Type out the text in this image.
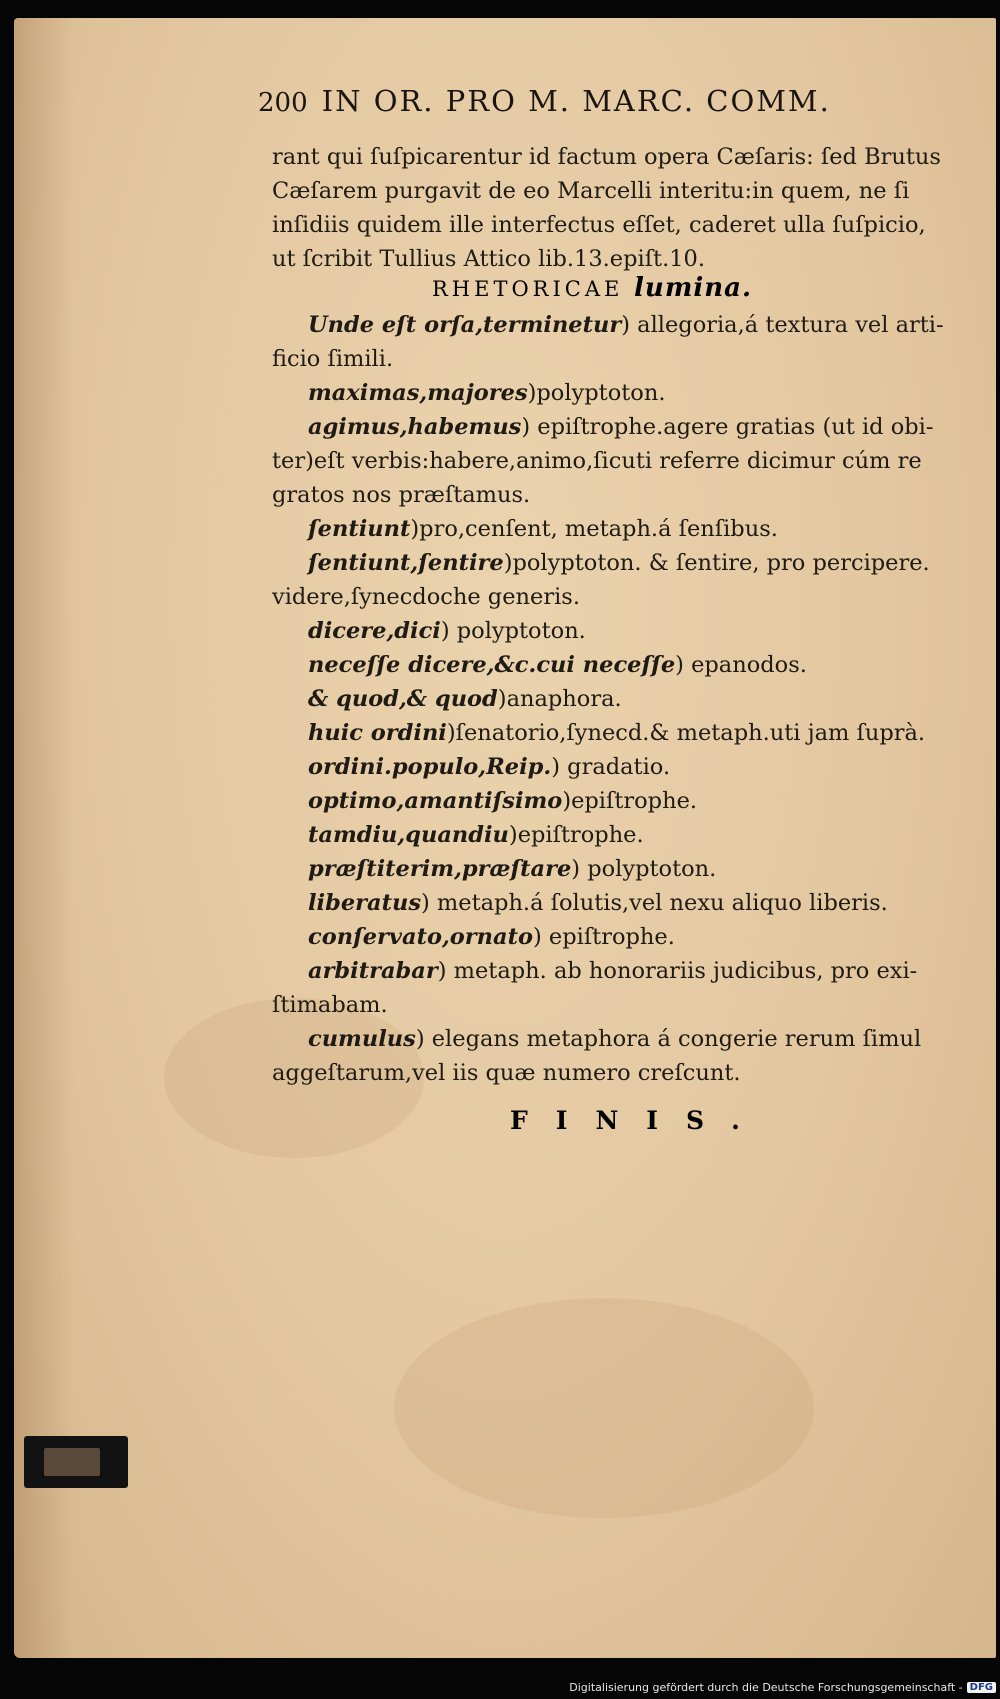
200 IN OR. PRO M. MARC. COMM.
rant qui ſuſpicarentur id factum opera Cæſaris: ſed Brutus
Cæſarem purgavit de eo Marcelli interitu:in quem, ne ſi
inſidiis quidem ille interfectus eſſet, caderet ulla ſuſpicio,
ut ſcribit Tullius Attico lib.13.epiſt.10.
RHETORICAE lumina.
Unde eſt orſa,terminetur) allegoria,á textura vel arti-
ficio ſimili.
maximas,majores)polyptoton.
agimus,habemus) epiſtrophe.agere gratias (ut id obi-
ter)eſt verbis:habere,animo,ſicuti referre dicimur cúm re
gratos nos præſtamus.
ſentiunt)pro,cenſent, metaph.á ſenſibus.
ſentiunt,ſentire)polyptoton. & ſentire, pro percipere.
videre,ſynecdoche generis.
dicere,dici) polyptoton.
neceſſe dicere,&c.cui neceſſe) epanodos.
& quod,& quod)anaphora.
huic ordini)ſenatorio,ſynecd.& metaph.uti jam ſuprà.
ordini.populo,Reip.) gradatio.
optimo,amantiſsimo)epiſtrophe.
tamdiu,quandiu)epiſtrophe.
præſtiterim,præſtare) polyptoton.
liberatus) metaph.á ſolutis,vel nexu aliquo liberis.
conſervato,ornato) epiſtrophe.
arbitrabar) metaph. ab honorariis judicibus, pro exi-
ſtimabam.
cumulus) elegans metaphora á congerie rerum ſimul
aggeſtarum,vel iis quæ numero creſcunt.
FINIS.
Digitalisierung gefördert durch die Deutsche Forschungsgemeinschaft - DFG
